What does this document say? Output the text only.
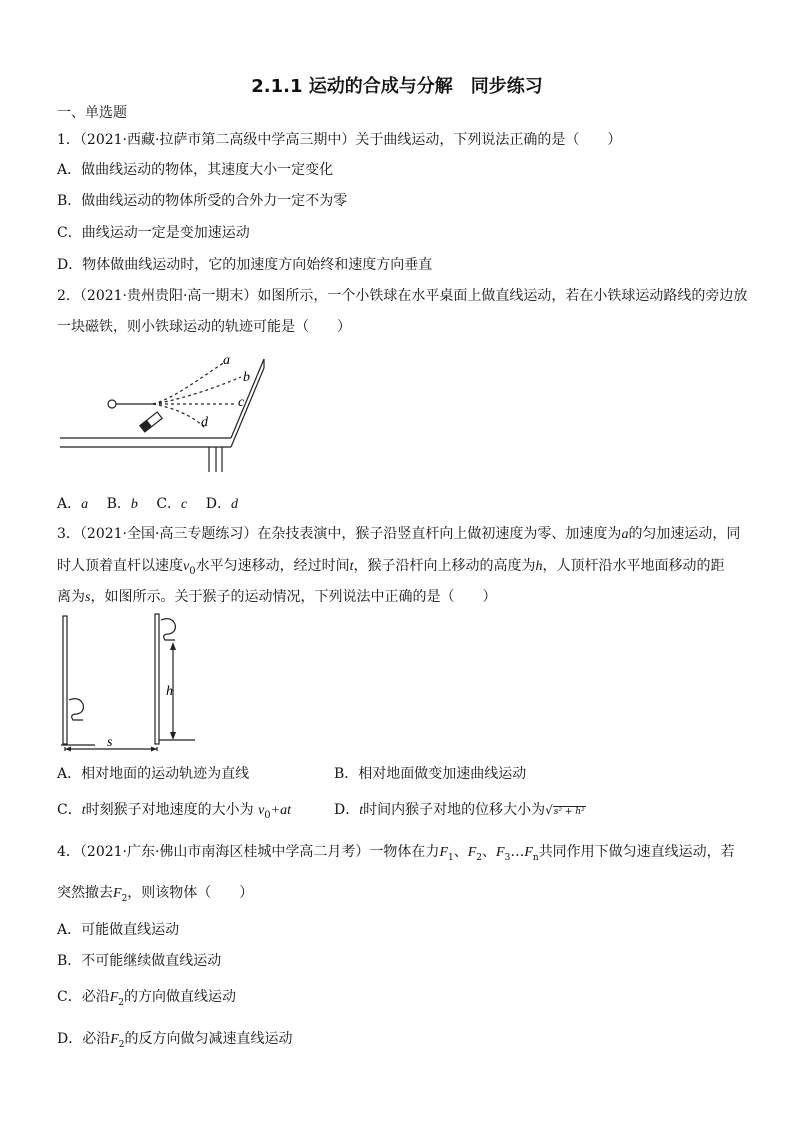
2.1.1 运动的合成与分解　同步练习
一、单选题
1．（2021·西藏·拉萨市第二高级中学高三期中）关于曲线运动，下列说法正确的是（　　）
A．做曲线运动的物体，其速度大小一定变化
B．做曲线运动的物体所受的合外力一定不为零
C．曲线运动一定是变加速运动
D．物体做曲线运动时，它的加速度方向始终和速度方向垂直
2．（2021·贵州贵阳·高一期末）如图所示，一个小铁球在水平桌面上做直线运动，若在小铁球运动路线的旁边放
一块磁铁，则小铁球运动的轨迹可能是（　　）
a
b
c
d
A．a B．b C．c D．d
3．（2021·全国·高三专题练习）在杂技表演中，猴子沿竖直杆向上做初速度为零、加速度为a的匀加速运动，同
时人顶着直杆以速度$v_0$水平匀速移动，经过时间t，猴子沿杆向上移动的高度为h，人顶杆沿水平地面移动的距
离为s，如图所示。关于猴子的运动情况，下列说法中正确的是（　　）
h
s
A．相对地面的运动轨迹为直线	B．相对地面做变加速曲线运动
C．t时刻猴子对地速度的大小为 $v_0+at$	D．t时间内猴子对地的位移大小为√s² + h²
4．（2021·广东·佛山市南海区桂城中学高二月考）一物体在力$F_1$、$F_2$、$F_3\dots F_n$共同作用下做匀速直线运动，若
突然撤去$F_2$，则该物体（　　）
A．可能做直线运动
B．不可能继续做直线运动
C．必沿$F_2$的方向做直线运动
D．必沿$F_2$的反方向做匀减速直线运动
